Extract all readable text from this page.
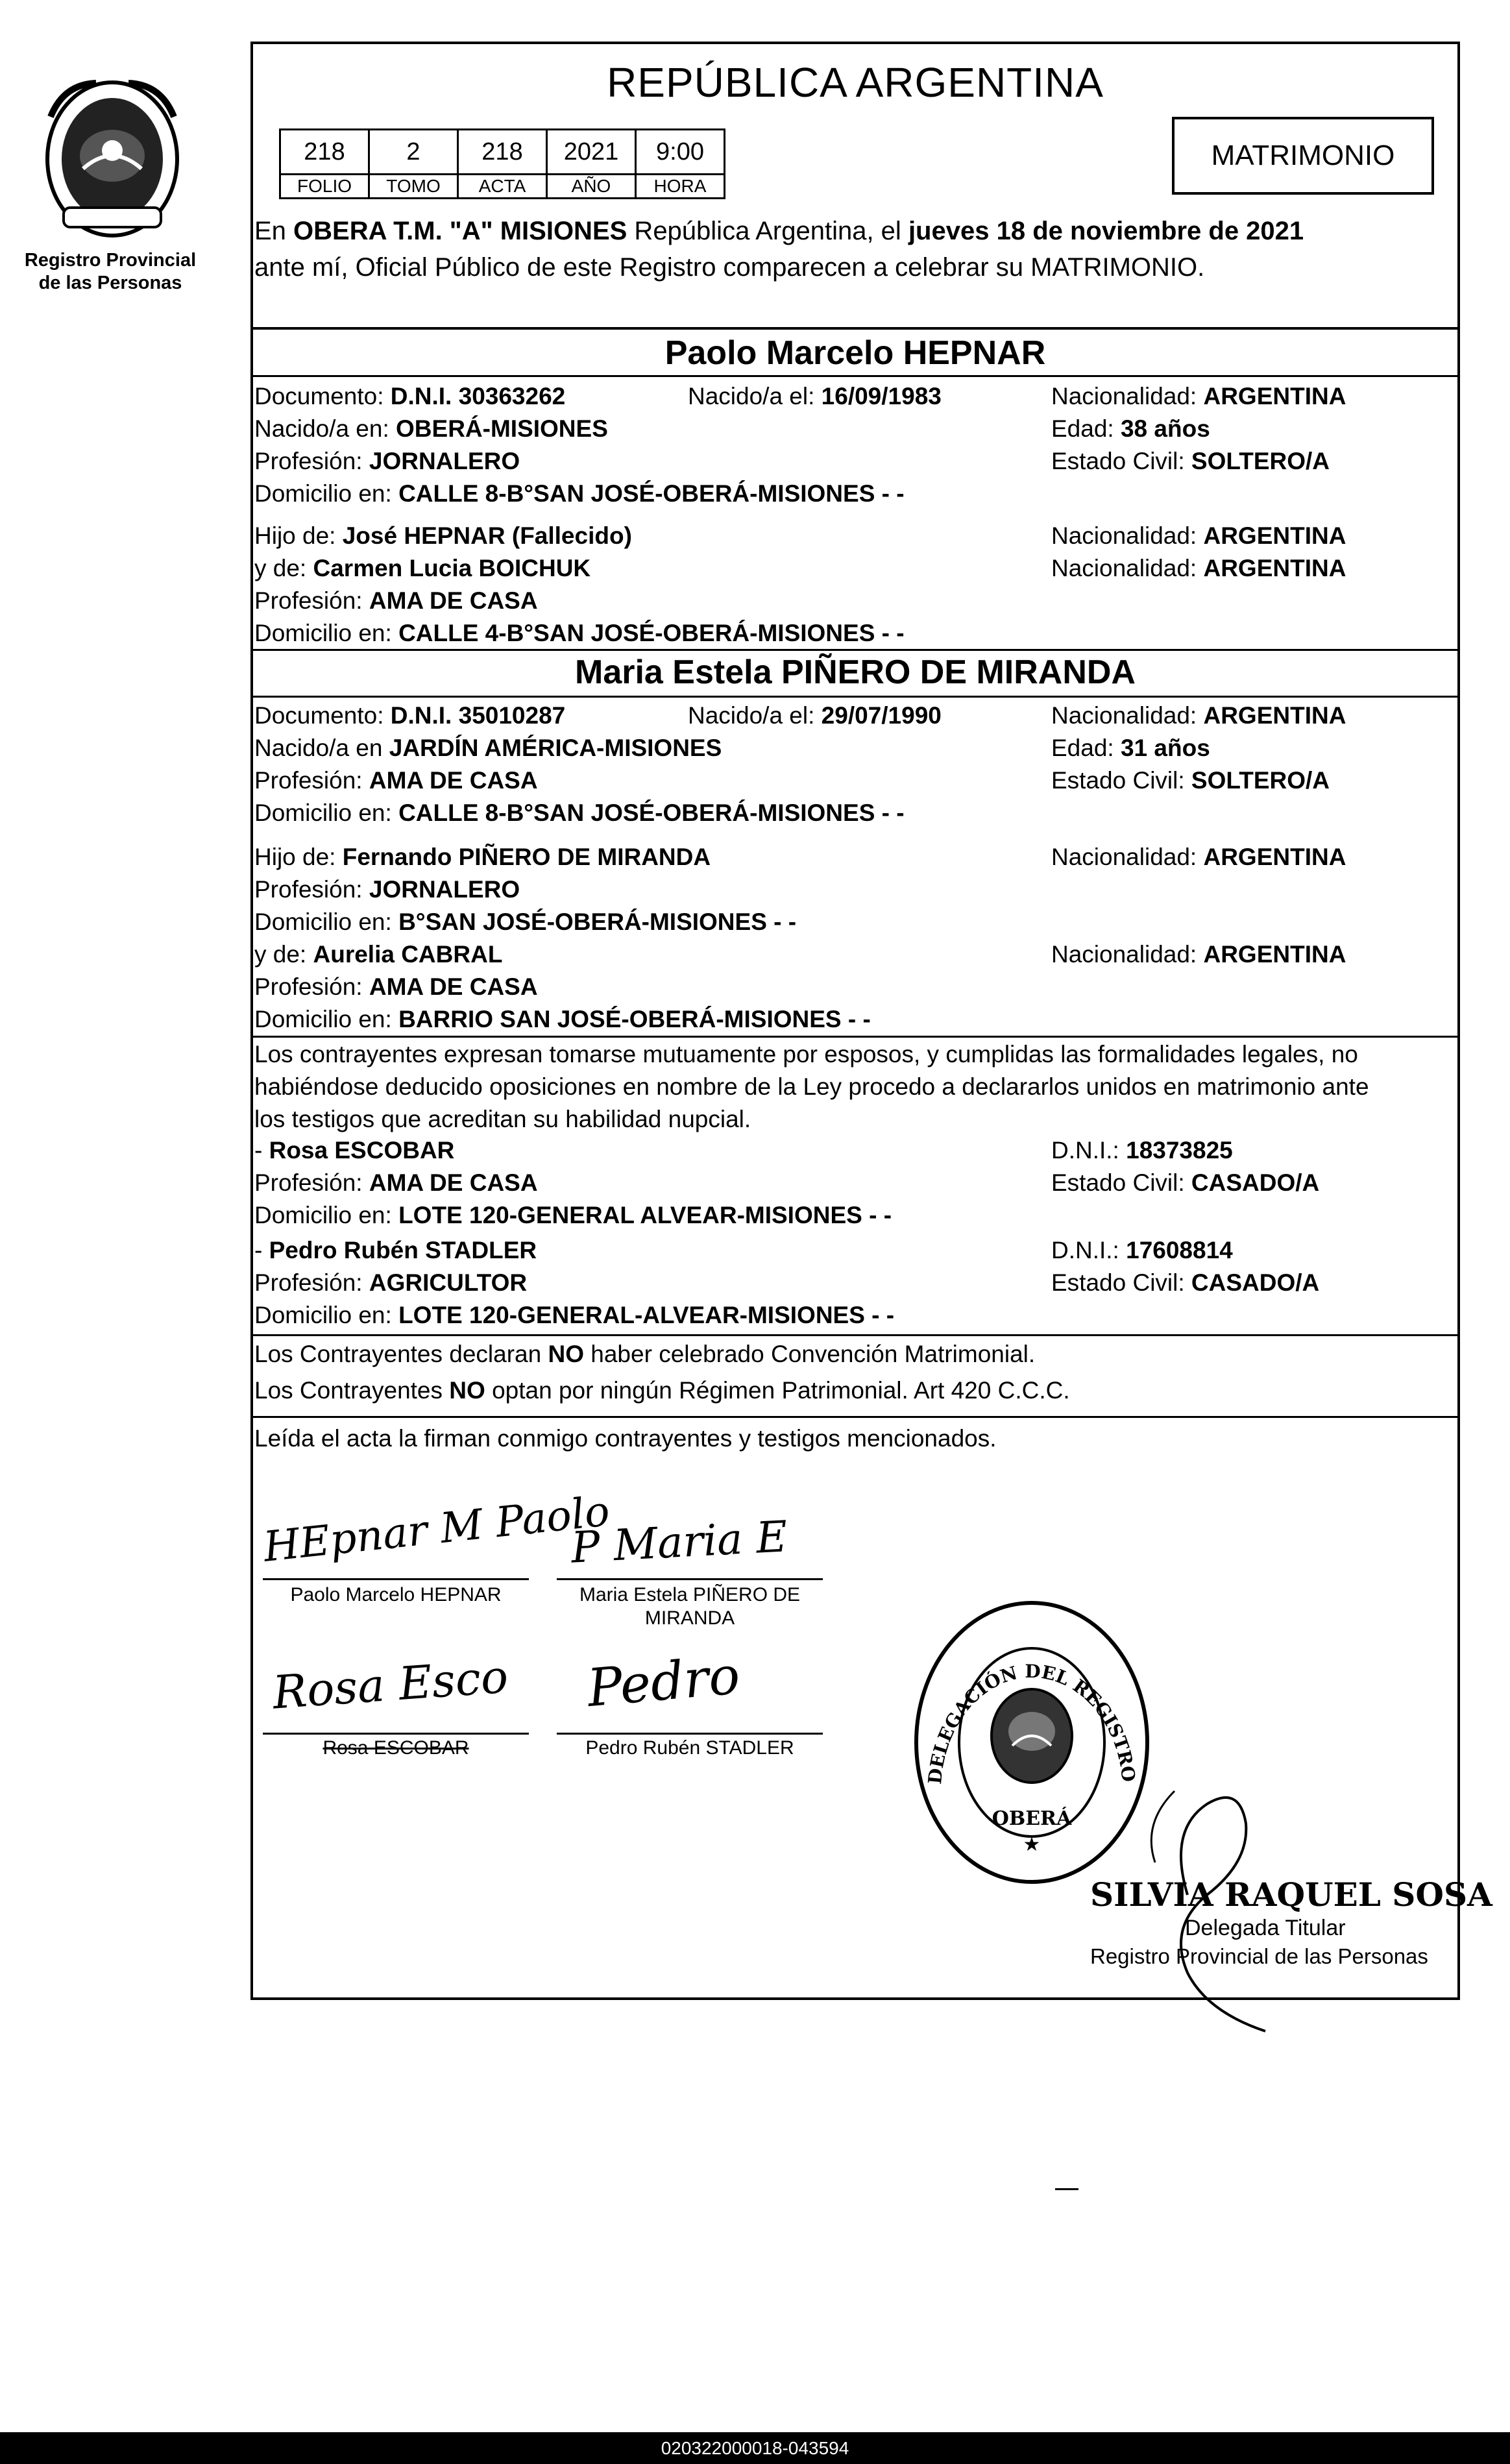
Registro Provincial
de las Personas
REPÚBLICA ARGENTINA
218	2	218	2021	9:00
FOLIO	TOMO	ACTA	AÑO	HORA
MATRIMONIO
En OBERA T.M. "A" MISIONES República Argentina, el jueves 18 de noviembre de 2021
ante mí, Oficial Público de este Registro comparecen a celebrar su MATRIMONIO.
Paolo Marcelo HEPNAR
Documento: D.N.I. 30363262	Nacido/a el: 16/09/1983	Nacionalidad: ARGENTINA
Nacido/a en: OBERÁ-MISIONES	Edad: 38 años
Profesión: JORNALERO	Estado Civil: SOLTERO/A
Domicilio en: CALLE 8-B°SAN JOSÉ-OBERÁ-MISIONES - -
Hijo de: José HEPNAR (Fallecido)	Nacionalidad: ARGENTINA
y de: Carmen Lucia BOICHUK	Nacionalidad: ARGENTINA
Profesión: AMA DE CASA
Domicilio en: CALLE 4-B°SAN JOSÉ-OBERÁ-MISIONES - -
Maria Estela PIÑERO DE MIRANDA
Documento: D.N.I. 35010287	Nacido/a el: 29/07/1990	Nacionalidad: ARGENTINA
Nacido/a en JARDÍN AMÉRICA-MISIONES	Edad: 31 años
Profesión: AMA DE CASA	Estado Civil: SOLTERO/A
Domicilio en: CALLE 8-B°SAN JOSÉ-OBERÁ-MISIONES - -
Hijo de: Fernando PIÑERO DE MIRANDA	Nacionalidad: ARGENTINA
Profesión: JORNALERO
Domicilio en: B°SAN JOSÉ-OBERÁ-MISIONES - -
y de: Aurelia CABRAL	Nacionalidad: ARGENTINA
Profesión: AMA DE CASA
Domicilio en: BARRIO SAN JOSÉ-OBERÁ-MISIONES - -
Los contrayentes expresan tomarse mutuamente por esposos, y cumplidas las formalidades legales, no
habiéndose deducido oposiciones en nombre de la Ley procedo a declararlos unidos en matrimonio ante
los testigos que acreditan su habilidad nupcial.
- Rosa ESCOBAR	D.N.I.: 18373825
Profesión: AMA DE CASA	Estado Civil: CASADO/A
Domicilio en: LOTE 120-GENERAL ALVEAR-MISIONES - -
- Pedro Rubén STADLER	D.N.I.: 17608814
Profesión: AGRICULTOR	Estado Civil: CASADO/A
Domicilio en: LOTE 120-GENERAL-ALVEAR-MISIONES - -
Los Contrayentes declaran NO haber celebrado Convención Matrimonial.
Los Contrayentes NO optan por ningún Régimen Patrimonial. Art 420 C.C.C.
Leída el acta la firman conmigo contrayentes y testigos mencionados.
HEpnar M Paolo
Paolo Marcelo HEPNAR
P Maria E
Maria Estela PIÑERO DE
MIRANDA
Rosa Esco
Rosa ESCOBAR
Pedro
Pedro Rubén STADLER
DELEGACIÓN DEL REGISTRO
OBERÁ
★
SILVIA RAQUEL SOSA
Delegada Titular
Registro Provincial de las Personas
020322000018-043594
